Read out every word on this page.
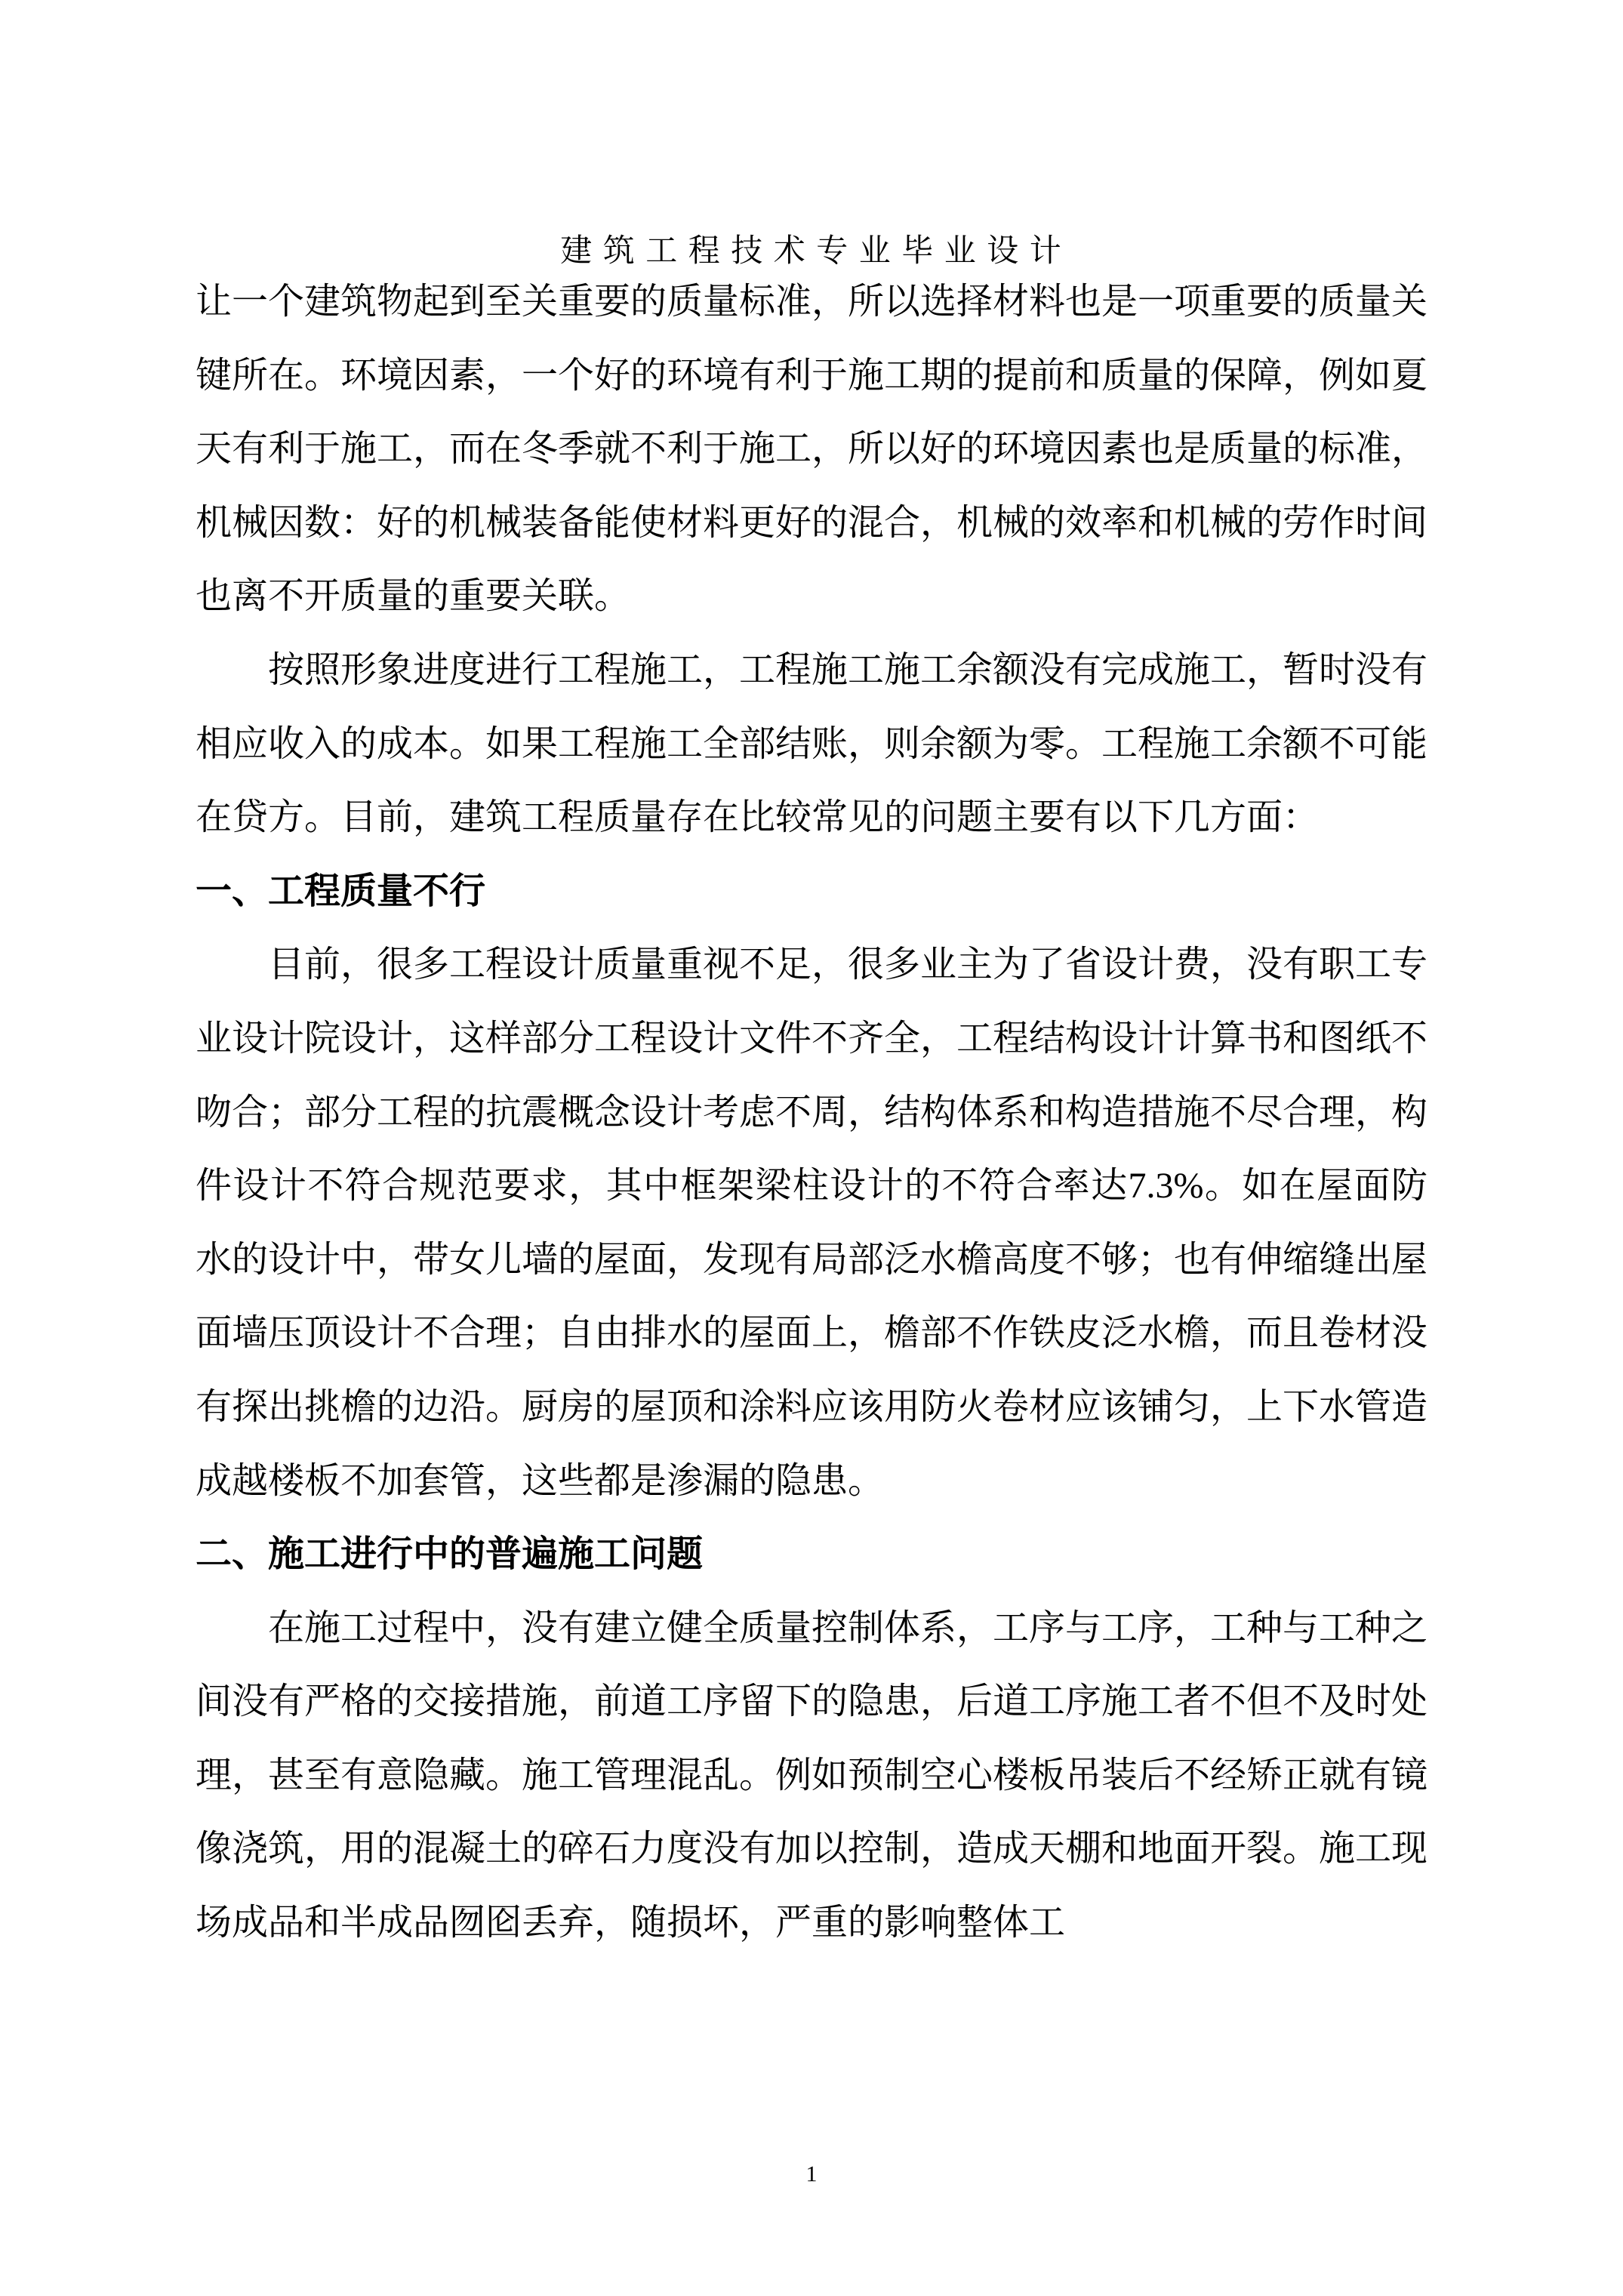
建 筑 工 程 技 术 专 业 毕 业 设 计

让一个建筑物起到至关重要的质量标准，所以选择材料也是一项重要的质量关键所在。环境因素，一个好的环境有利于施工期的提前和质量的保障，例如夏天有利于施工，而在冬季就不利于施工，所以好的环境因素也是质量的标准，机械因数：好的机械装备能使材料更好的混合，机械的效率和机械的劳作时间也离不开质量的重要关联。

按照形象进度进行工程施工，工程施工施工余额没有完成施工，暂时没有相应收入的成本。如果工程施工全部结账，则余额为零。工程施工余额不可能在贷方。目前，建筑工程质量存在比较常见的问题主要有以下几方面：

一、工程质量不行

目前，很多工程设计质量重视不足，很多业主为了省设计费，没有职工专业设计院设计，这样部分工程设计文件不齐全，工程结构设计计算书和图纸不吻合；部分工程的抗震概念设计考虑不周，结构体系和构造措施不尽合理，构件设计不符合规范要求，其中框架梁柱设计的不符合率达7.3%。如在屋面防水的设计中，带女儿墙的屋面，发现有局部泛水檐高度不够；也有伸缩缝出屋面墙压顶设计不合理；自由排水的屋面上，檐部不作铁皮泛水檐，而且卷材没有探出挑檐的边沿。厨房的屋顶和涂料应该用防火卷材应该铺匀，上下水管造成越楼板不加套管，这些都是渗漏的隐患。

二、施工进行中的普遍施工问题

在施工过程中，没有建立健全质量控制体系，工序与工序，工种与工种之间没有严格的交接措施，前道工序留下的隐患，后道工序施工者不但不及时处理，甚至有意隐藏。施工管理混乱。例如预制空心楼板吊装后不经矫正就有镜像浇筑，用的混凝土的碎石力度没有加以控制，造成天棚和地面开裂。施工现场成品和半成品囫囵丢弃，随损坏，严重的影响整体工

1
